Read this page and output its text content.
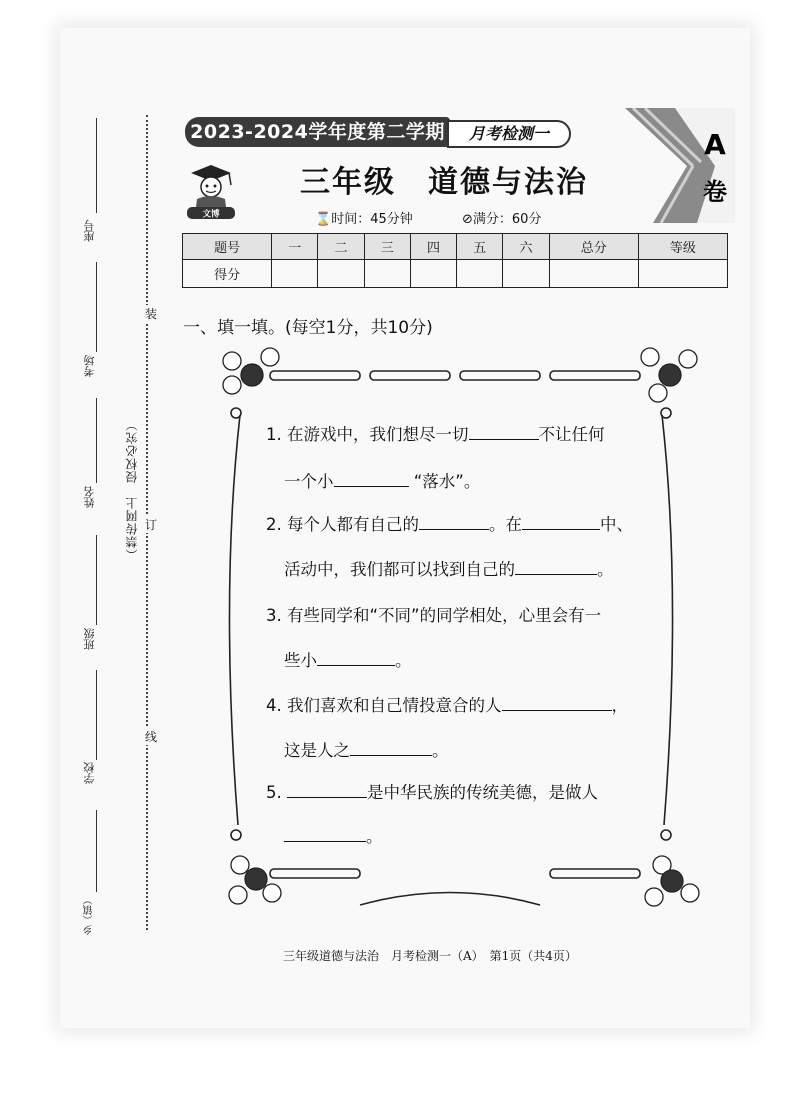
座号
考场
姓名
班级
学校
乡（镇）
（禁传网上　侵权必究）
装
订
线
2023-2024学年度第二学期	月考检测一
文博
三年级　道德与法治
⌛时间：45分钟	⊘满分：60分
A
卷
题号	一	二	三	四	五	六	总分	等级
得分								
一、填一填。(每空1分，共10分)
1. 在游戏中，我们想尽一切	不让任何
一个小	“落水”。
2. 每个人都有自己的	。在	中、
活动中，我们都可以找到自己的	。
3. 有些同学和“不同”的同学相处，心里会有一
些小	。
4. 我们喜欢和自己情投意合的人	，
这是人之	。
5.	是中华民族的传统美德，是做人
。
三年级道德与法治　月考检测一（A）　第1页（共4页）
